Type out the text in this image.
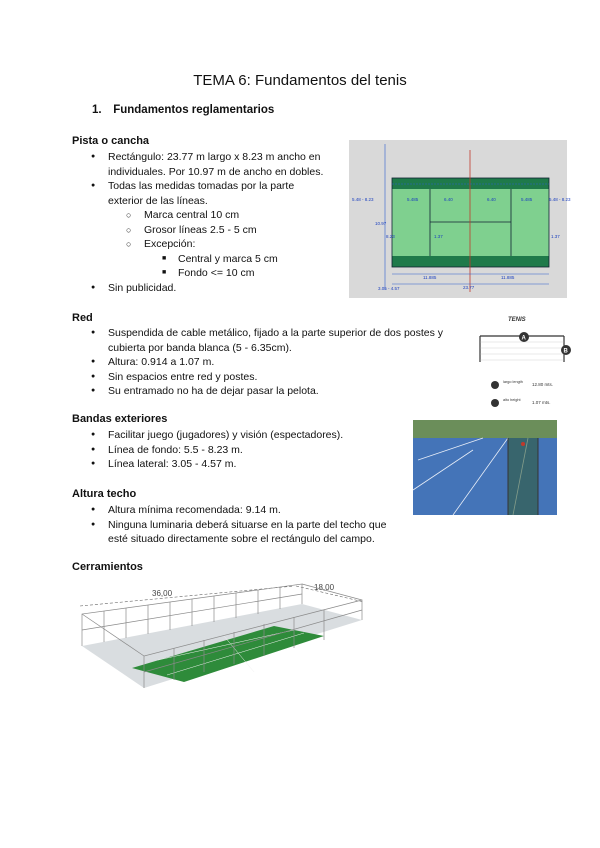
TEMA 6: Fundamentos del tenis
1. Fundamentos reglamentarios
Pista o cancha
● Rectángulo: 23.77 m largo x 8.23 m ancho en
individuales. Por 10.97 m de ancho en dobles.
● Todas las medidas tomadas por la parte
exterior de las líneas.
○ Marca central 10 cm
○ Grosor líneas 2.5 - 5 cm
○ Excepción:
■ Central y marca 5 cm
■ Fondo <= 10 cm
● Sin publicidad.
5.485	6.40	6.40	5.485
5.48 - 8.23
10.97
8.23
3.05 - 4.57
5.48 - 8.23
1.37
1.37
11.885	11.885
23.77
Red
● Suspendida de cable metálico, fijado a la parte superior de dos postes y
cubierta por banda blanca (5 - 6.35cm).
● Altura: 0.914 a 1.07 m.
● Sin espacios entre red y postes.
● Su entramado no ha de dejar pasar la pelota.
TENIS
A
B
largo length 12.80 mts.
alto height	1.07 mts.
Bandas exteriores
● Facilitar juego (jugadores) y visión (espectadores).
● Línea de fondo: 5.5 - 8.23 m.
● Línea lateral: 3.05 - 4.57 m.
Altura techo
● Altura mínima recomendada: 9.14 m.
● Ninguna luminaria deberá situarse en la parte del techo que
esté situado directamente sobre el rectángulo del campo.
Cerramientos
36,00
18,00
